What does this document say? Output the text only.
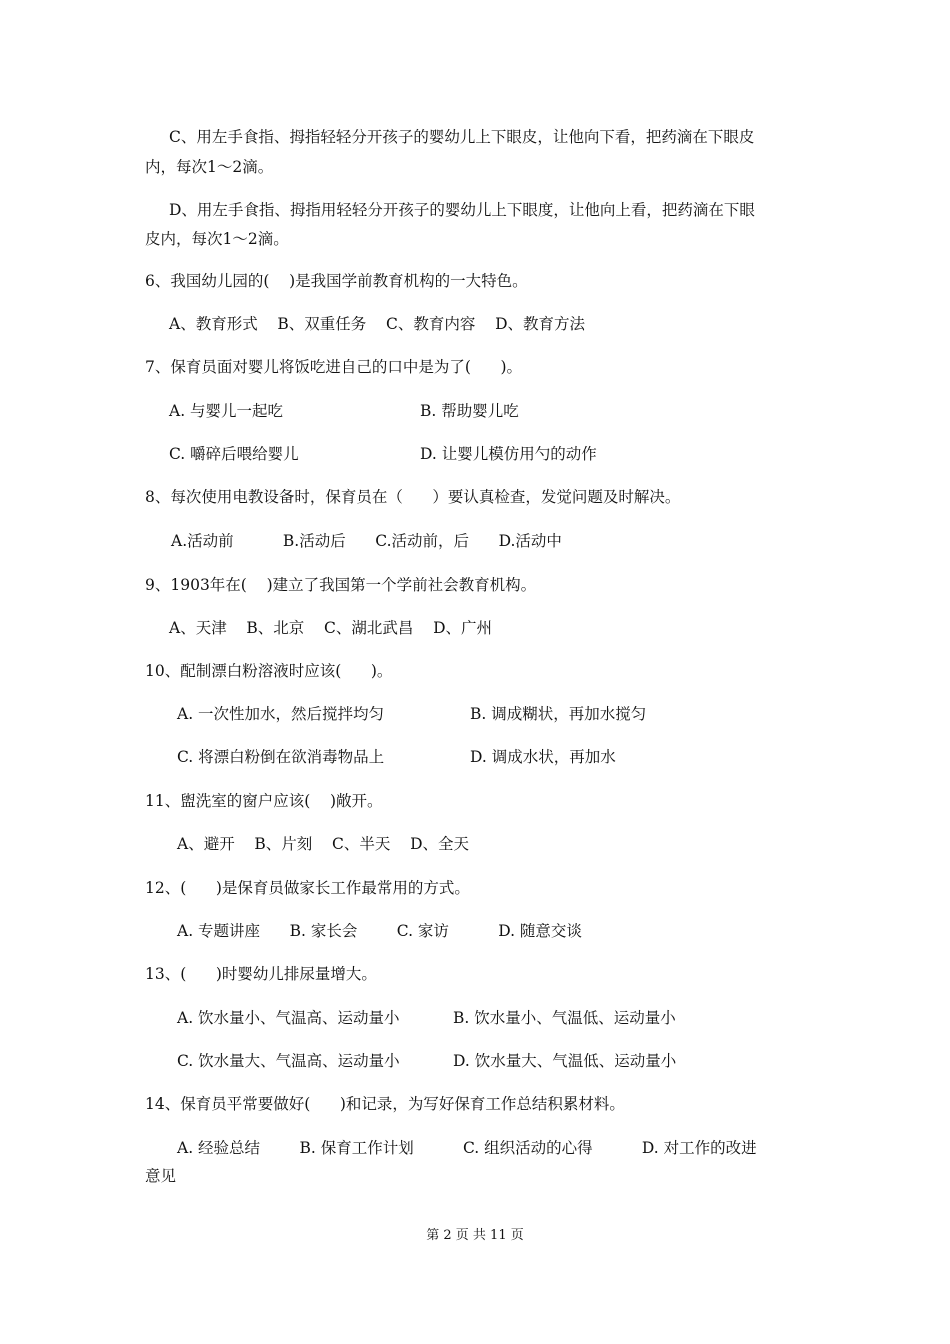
C、用左手食指、拇指轻轻分开孩子的婴幼儿上下眼皮，让他向下看，把药滴在下眼皮

内，每次1～2滴。

D、用左手食指、拇指用轻轻分开孩子的婴幼儿上下眼度，让他向上看，把药滴在下眼

皮内，每次1～2滴。

6、我国幼儿园的(    )是我国学前教育机构的一大特色。

A、教育形式    B、双重任务    C、教育内容    D、教育方法

7、保育员面对婴儿将饭吃进自己的口中是为了(      )。

A. 与婴儿一起吃	B. 帮助婴儿吃

C. 嚼碎后喂给婴儿	D. 让婴儿模仿用勺的动作

8、每次使用电教设备时，保育员在（      ）要认真检查，发觉问题及时解决。

A.活动前          B.活动后      C.活动前，后      D.活动中

9、1903年在(    )建立了我国第一个学前社会教育机构。

A、天津    B、北京    C、湖北武昌    D、广州

10、配制漂白粉溶液时应该(      )。

A. 一次性加水，然后搅拌均匀	B. 调成糊状，再加水搅匀

C. 将漂白粉倒在欲消毒物品上	D. 调成水状，再加水

11、盥洗室的窗户应该(    )敞开。

A、避开    B、片刻    C、半天    D、全天

12、(      )是保育员做家长工作最常用的方式。

A. 专题讲座      B. 家长会        C. 家访          D. 随意交谈

13、(      )时婴幼儿排尿量增大。

A. 饮水量小、气温高、运动量小	B. 饮水量小、气温低、运动量小

C. 饮水量大、气温高、运动量小	D. 饮水量大、气温低、运动量小

14、保育员平常要做好(      )和记录，为写好保育工作总结积累材料。

A. 经验总结        B. 保育工作计划          C. 组织活动的心得          D. 对工作的改进

意见

第 2 页 共 11 页
